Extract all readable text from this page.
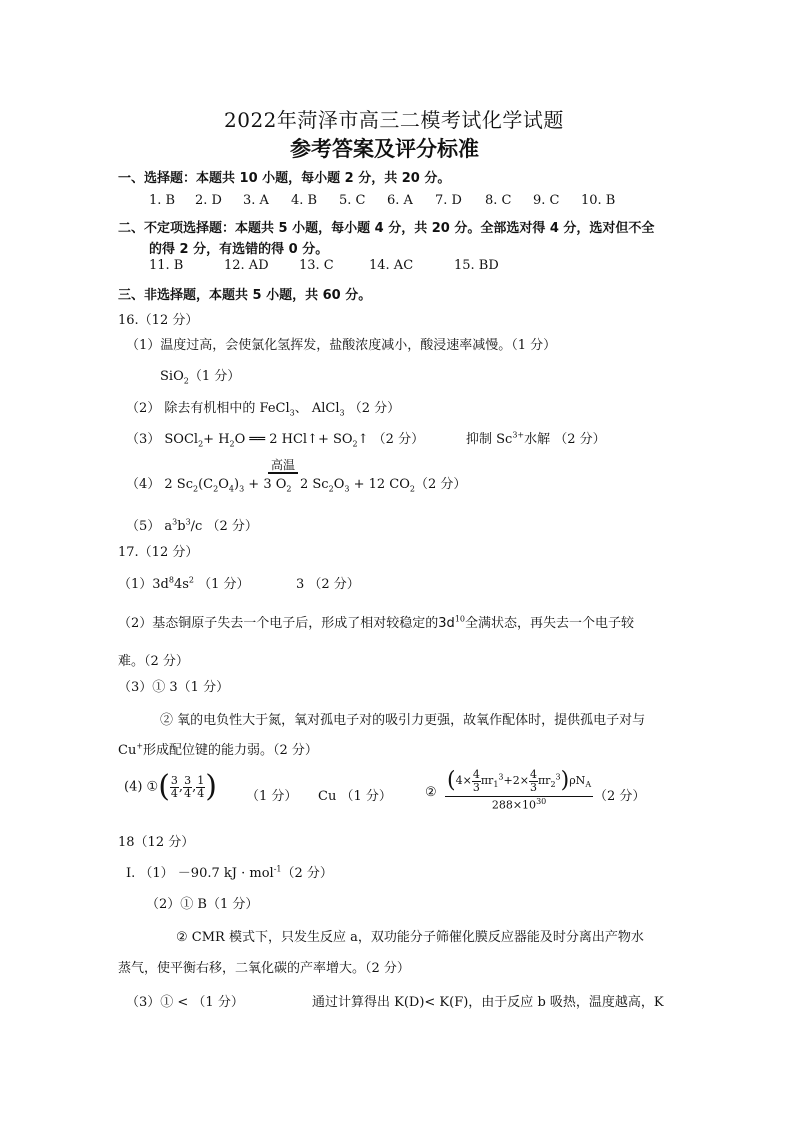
2022年菏泽市高三二模考试化学试题
参考答案及评分标准
一、选择题：本题共 10 小题，每小题 2 分，共 20 分。
1. B	2. D	3. A	4. B	5. C	6. A	7. D	8. C	9. C	10. B
二、不定项选择题：本题共 5 小题，每小题 4 分，共 20 分。全部选对得 4 分，选对但不全
的得 2 分，有选错的得 0 分。
11. B	12. AD	13. C	14. AC	15. BD
三、非选择题，本题共 5 小题，共 60 分。
16.（12 分）
（1）温度过高，会使氯化氢挥发，盐酸浓度减小，酸浸速率减慢。（1 分）
SiO$_2$（1 分）
（2） 除去有机相中的 FeCl$_3$、 AlCl$_3$ （2 分）
（3） SOCl$_2$+ $H_2O$ ══ 2 HCl↑+ $SO_2↑$ （2 分）	抑制 $Sc^{3+}$水解 （2 分）
（4） 2 $Sc_2(C_2O_4)_3 + 3$ $O_2$
高温
2 $Sc_2O_3 + 12$ $CO_2(2$ 分）
（5） $a^3b^3/c$ （2 分）
17.（12 分）
$(1)3d^84s^2$ （1 分）	3 （2 分）
（2）基态铜原子失去一个电子后，形成了相对较稳定的$3d^{10}$全满状态，再失去一个电子较
难。（2 分）
（3）① 3（1 分）
② 氧的电负性大于氮，氧对孤电子对的吸引力更强，故氧作配体时，提供孤电子对与
Cu+形成配位键的能力弱。（2 分）
(4) ①( $\frac{3}{4}$ , $\frac{3}{4}$ , $\frac{1}{4}$ ) （1 分） Cu （1 分）	② $(4\times \frac{4}{3} \pi r_1^3+2\times \frac{4}{3} \pi r_2^3)\rho N_A$
$288\times 10^{30}$	（2 分）
18（12 分）
I. （1） －90.7 kJ · mol$^{-1}$（2 分）
（2）① B（1 分）
② CMR 模式下，只发生反应 a，双功能分子筛催化膜反应器能及时分离出产物水
蒸气，使平衡右移，二氧化碳的产率增大。（2 分）
（3）① < （1 分）	通过计算得出 K(D)< K(F)，由于反应 b 吸热，温度越高，K
